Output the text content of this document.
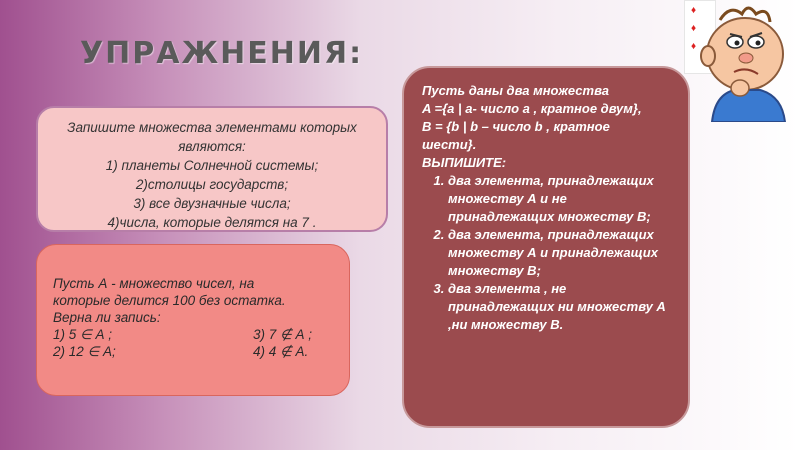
УПРАЖНЕНИЯ:
Запишите множества элементами которых
являются:
1) планеты Солнечной системы;
2)столицы государств;
3) все двузначные числа;
4)числа, которые делятся на 7 .
Пусть А - множество чисел, на
которые делится 100 без остатка.
Верна ли запись:
1) 5 ∈ А ;	3) 7 ∉ А ;
2) 12 ∈ А;	4) 4 ∉ А.
Пусть даны два множества
A ={a | a- число а , кратное двум},
B = {b | b – число b , кратное
шести}.
ВЫПИШИТЕ:
1. два элемента, принадлежащих множеству А и не принадлежащих множеству В;
2. два элемента, принадлежащих множеству А и принадлежащих множеству В;
3. два элемента , не принадлежащих ни множеству А ,ни множеству В.
♦
♦
♦
